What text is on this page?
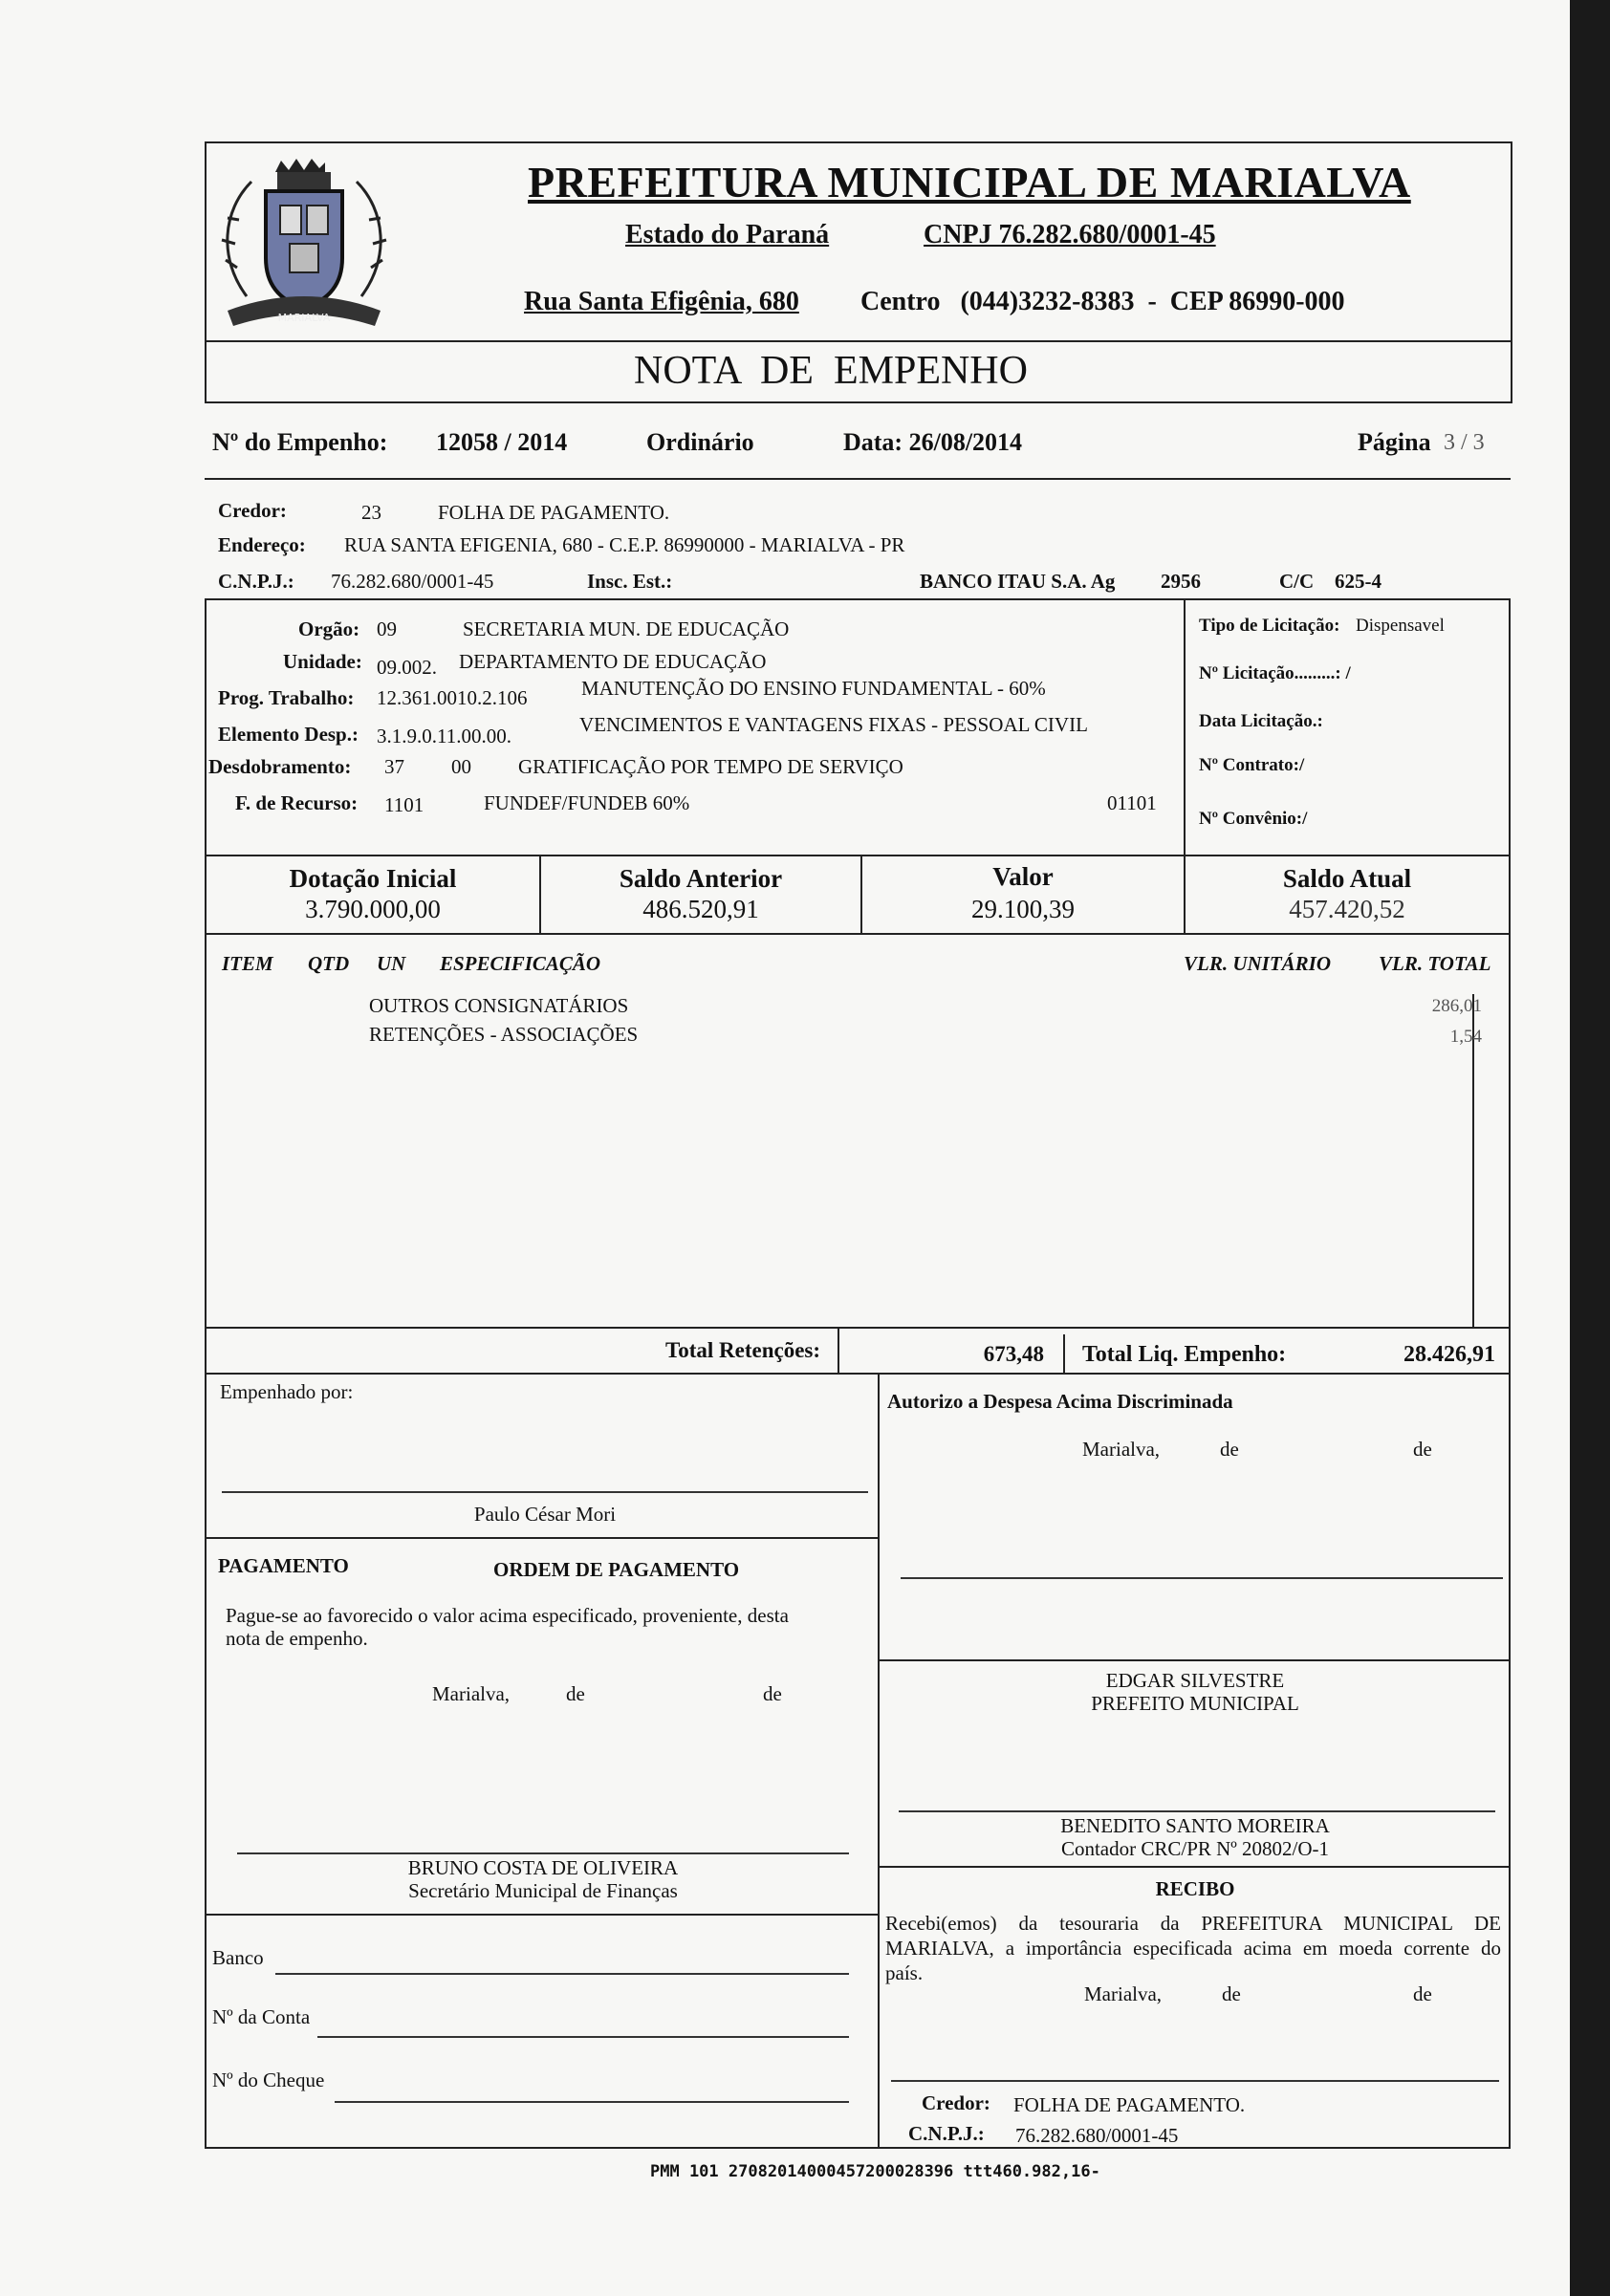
MARIALVA
PREFEITURA MUNICIPAL DE MARIALVA
Estado do Paraná	CNPJ 76.282.680/0001-45
Rua Santa Efigênia, 680 Centro   (044)3232-8383  -  CEP 86990-000
NOTA  DE  EMPENHO
Nº do Empenho: 12058 / 2014	Ordinário	Data: 26/08/2014	Página 3 / 3
Credor:	23	FOLHA DE PAGAMENTO.
Endereço: RUA SANTA EFIGENIA, 680 - C.E.P. 86990000 - MARIALVA - PR
C.N.P.J.: 76.282.680/0001-45	Insc. Est.:	BANCO ITAU S.A. Ag 2956	C/C 625-4
Orgão: 09	SECRETARIA MUN. DE EDUCAÇÃO
Unidade: 09.002. DEPARTAMENTO DE EDUCAÇÃO
Prog. Trabalho: 12.361.0010.2.106	MANUTENÇÃO DO ENSINO FUNDAMENTAL - 60%
Elemento Desp.: 3.1.9.0.11.00.00.	VENCIMENTOS E VANTAGENS FIXAS - PESSOAL CIVIL
Desdobramento: 37 00 GRATIFICAÇÃO POR TEMPO DE SERVIÇO
F. de Recurso: 1101	FUNDEF/FUNDEB 60%	01101
Tipo de Licitação: Dispensavel
Nº Licitação.........: /
Data Licitação.:
Nº Contrato:/
Nº Convênio:/
Dotação Inicial
3.790.000,00
Saldo Anterior
486.520,91
Valor
29.100,39
Saldo Atual
457.420,52
ITEM QTD UN ESPECIFICAÇÃO	VLR. UNITÁRIO VLR. TOTAL
OUTROS CONSIGNATÁRIOS	286,01
RETENÇÕES - ASSOCIAÇÕES	1,54
Total Retenções:	673,48 Total Liq. Empenho:	28.426,91
Empenhado por:
Paulo César Mori
PAGAMENTO	ORDEM DE PAGAMENTO
Pague-se ao favorecido o valor acima especificado, proveniente, desta
nota de empenho.
Marialva,	de	de
BRUNO COSTA DE OLIVEIRA
Secretário Municipal de Finanças
Banco
Nº da Conta
Nº do Cheque
Autorizo a Despesa Acima Discriminada
Marialva,	de	de
EDGAR SILVESTRE
PREFEITO MUNICIPAL
BENEDITO SANTO MOREIRA
Contador CRC/PR Nº 20802/O-1
RECIBO
Recebi(emos) da tesouraria da PREFEITURA MUNICIPAL DE
MARIALVA, a importância especificada acima em moeda corrente do
país.
Marialva,	de	de
Credor: FOLHA DE PAGAMENTO.
C.N.P.J.: 76.282.680/0001-45
PMM 101 27082014000457200028396 ttt460.982,16-
